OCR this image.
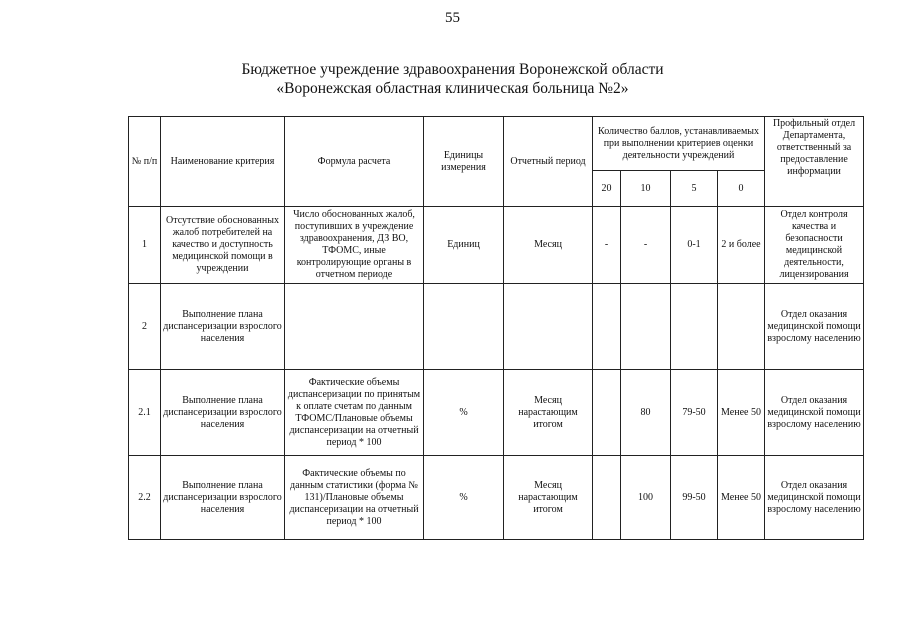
55
Бюджетное учреждение здравоохранения Воронежской области
«Воронежская областная клиническая больница №2»
№ п/п	Наименование критерия	Формула расчета	Единицы измерения	Отчетный период	Количество баллов, устанавливаемых при выполнении критериев оценки деятельности учреждений				Профильный отдел Департамента, ответственный за предоставление информации
					20	10	5	0	
1	Отсутствие обоснованных жалоб потребителей на качество и доступность медицинской помощи в учреждении	Число обоснованных жалоб, поступивших в учреждение здравоохранения, ДЗ ВО, ТФОМС, иные контролирующие органы в отчетном периоде	Единиц	Месяц	-	-	0-1	2 и более	Отдел контроля качества и безопасности медицинской деятельности, лицензирования
2	Выполнение плана диспансеризации взрослого населения								Отдел оказания медицинской помощи взрослому населению
2.1	Выполнение плана диспансеризации взрослого населения	Фактические объемы диспансеризации по принятым к оплате счетам по данным ТФОМС/Плановые объемы диспансеризации на отчетный период * 100	%	Месяц нарастающим итогом		80	79-50	Менее 50	Отдел оказания медицинской помощи взрослому населению
2.2	Выполнение плана диспансеризации взрослого населения	Фактические объемы по данным статистики (форма № 131)/Плановые объемы диспансеризации на отчетный период * 100	%	Месяц нарастающим итогом		100	99-50	Менее 50	Отдел оказания медицинской помощи взрослому населению
